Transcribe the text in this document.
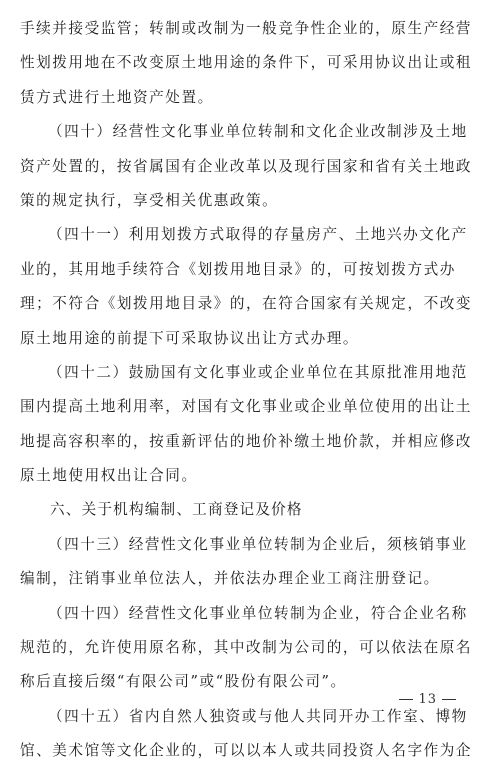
手续并接受监管；转制或改制为一般竞争性企业的，原生产经营
性划拨用地在不改变原土地用途的条件下，可采用协议出让或租
赁方式进行土地资产处置。
（四十）经营性文化事业单位转制和文化企业改制涉及土地
资产处置的，按省属国有企业改革以及现行国家和省有关土地政
策的规定执行，享受相关优惠政策。
（四十一）利用划拨方式取得的存量房产、土地兴办文化产
业的，其用地手续符合《划拨用地目录》的，可按划拨方式办
理；不符合《划拨用地目录》的，在符合国家有关规定，不改变
原土地用途的前提下可采取协议出让方式办理。
（四十二）鼓励国有文化事业或企业单位在其原批准用地范
围内提高土地利用率，对国有文化事业或企业单位使用的出让土
地提高容积率的，按重新评估的地价补缴土地价款，并相应修改
原土地使用权出让合同。
六、关于机构编制、工商登记及价格
（四十三）经营性文化事业单位转制为企业后，须核销事业
编制，注销事业单位法人，并依法办理企业工商注册登记。
（四十四）经营性文化事业单位转制为企业，符合企业名称
规范的，允许使用原名称，其中改制为公司的，可以依法在原名
称后直接后缀“有限公司”或“股份有限公司”。
（四十五）省内自然人独资或与他人共同开办工作室、博物
馆、美术馆等文化企业的，可以以本人或共同投资人名字作为企
13
